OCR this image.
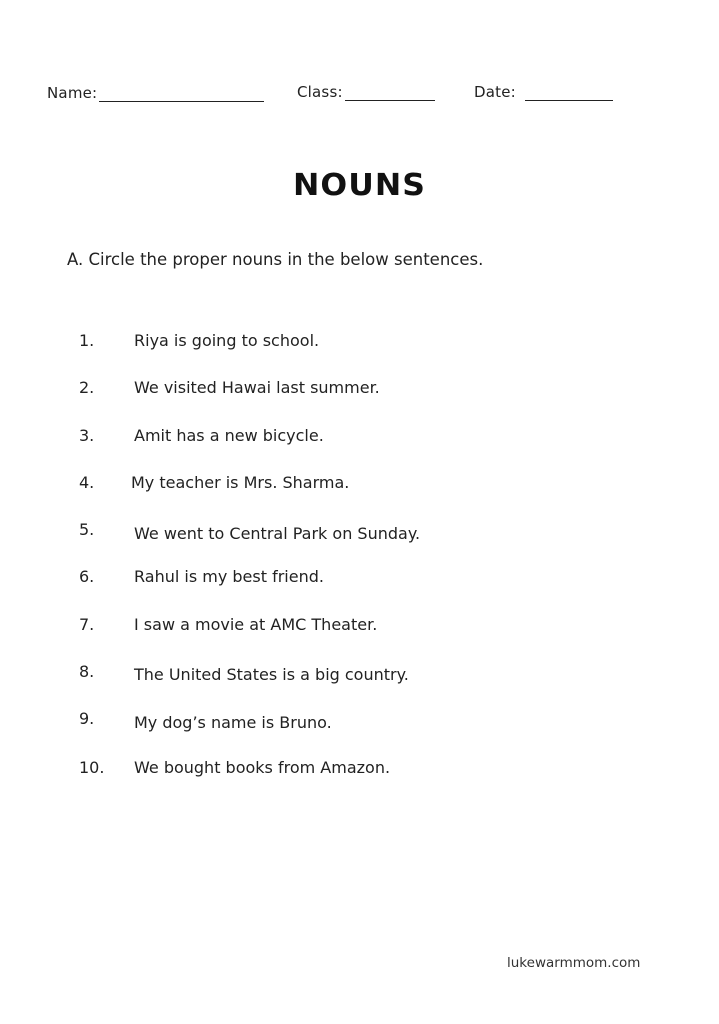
Name:	Class:	Date:
NOUNS
A. Circle the proper nouns in the below sentences.
1.	Riya is going to school.
2.	We visited Hawai last summer.
3.	Amit has a new bicycle.
4.	My teacher is Mrs. Sharma.
5.	We went to Central Park on Sunday.
6.	Rahul is my best friend.
7.	I saw a movie at AMC Theater.
8.	The United States is a big country.
9.	My dog’s name is Bruno.
10.	We bought books from Amazon.
lukewarmmom.com
